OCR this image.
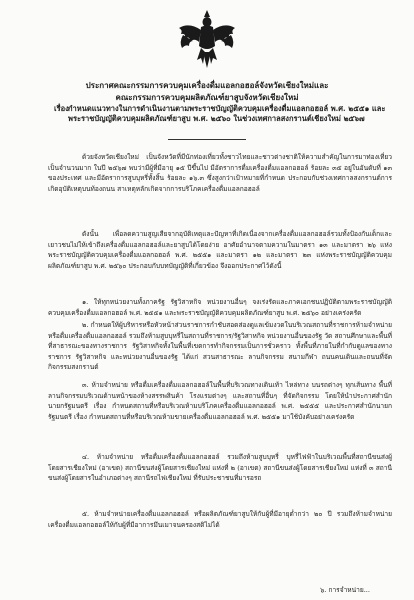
ประกาศคณะกรรมการควบคุมเครื่องดื่มแอลกอฮอล์จังหวัดเชียงใหม่และ
คณะกรรมการควบคุมผลิตภัณฑ์ยาสูบจังหวัดเชียงใหม่
เรื่อง กำหนดแนวทางในการดำเนินงานตามพระราชบัญญัติควบคุมเครื่องดื่มแอลกอฮอล์ พ.ศ. ๒๕๕๑ และพระราชบัญญัติควบคุมผลิตภัณฑ์ยาสูบ พ.ศ. ๒๕๖๐ ในช่วงเทศกาลสงกรานต์เชียงใหม่ ๒๕๖๗
ด้วยจังหวัดเชียงใหม่ เป็นจังหวัดที่มีนักท่องเที่ยวทั้งชาวไทยและชาวต่างชาติให้ความสำคัญในการมาท่องเที่ยวเป็นจำนวนมาก ในปี ๒๕๖๗ พบว่ามีผู้ที่มีอายุ ๑๕ ปีขึ้นไป มีอัตราการดื่มเครื่องดื่มแอลกอฮอล์ ร้อยละ ๓๕ อยู่ในอันดับที่ ๑๓ ของประเทศ และมีอัตราการสูบบุหรี่ทั้งสิ้น ร้อยละ ๑๖.๓ ซึ่งสูงกว่าเป้าหมายที่กำหนด ประกอบกับช่วงเทศกาลสงกรานต์การเกิดอุบัติเหตุบนท้องถนน สาเหตุหลักเกิดจากการบริโภคเครื่องดื่มแอลกอฮอล์
ดังนั้น เพื่อลดความสูญเสียจากอุบัติเหตุและปัญหาที่เกิดเนื่องจากเครื่องดื่มแอลกอฮอล์รวมทั้งป้องกันเด็กและเยาวชนไม่ให้เข้าถึงเครื่องดื่มแอลกอฮอล์และยาสูบได้โดยง่าย อาศัยอำนาจตามความในมาตรา ๑๓ และมาตรา ๒๖ แห่งพระราชบัญญัติควบคุมเครื่องดื่มแอลกอฮอล์ พ.ศ. ๒๕๕๑ และมาตรา ๑๒ และมาตรา ๒๓ แห่งพระราชบัญญัติควบคุมผลิตภัณฑ์ยาสูบ พ.ศ. ๒๕๖๐ ประกอบกับบทบัญญัติที่เกี่ยวข้อง จึงออกประกาศไว้ดังนี้
๑. ให้ทุกหน่วยงานทั้งภาครัฐ รัฐวิสาหกิจ หน่วยงานอื่นๆ จงเร่งรัดและภาคเอกชนปฏิบัติตามพระราชบัญญัติควบคุมเครื่องดื่มแอลกอฮอล์ พ.ศ. ๒๕๕๑ และพระราชบัญญัติควบคุมผลิตภัณฑ์ยาสูบ พ.ศ. ๒๕๖๐ อย่างเคร่งครัด
๒. กำหนดให้ผู้บริหารหรือหัวหน้าส่วนราชการกำชับสอดส่องดูแลเข้มงวดในบริเวณสถานที่ราชการห้ามจำหน่าย หรือดื่มเครื่องดื่มแอลกอฮอล์ รวมถึงห้ามสูบบุหรี่ในสถานที่ราชการ/รัฐวิสาหกิจ หน่วยงานอื่นของรัฐ วัด สถานศึกษาและพื้นที่ที่สาธารณะของทางราชการ รัฐวิสาหกิจทั้งในพื้นที่เขตการทำกิจกรรมเป็นการชั่วคราว ทั้งพื้นที่ภายในที่กำกับดูแลของทางราชการ รัฐวิสาหกิจ และหน่วยงานอื่นของรัฐ ได้แก่ สวนสาธารณะ ลานกิจกรรม สนามกีฬา ถนนคนเดินและถนนที่จัดกิจกรรมสงกรานต์
๓. ห้ามจำหน่าย หรือดื่มเครื่องดื่มแอลกอฮอล์ในพื้นที่บริเวณทางเดินเท้า ไหล่ทาง บนรถต่างๆ ทุกเส้นทาง พื้นที่ลานกิจกรรมบริเวณด้านหน้าของห้างสรรพสินค้า โรงแรมต่างๆ และสถานที่อื่นๆ ที่จัดกิจกรรม โดยให้นำประกาศสำนักนายกรัฐมนตรี เรื่อง กำหนดสถานที่หรือบริเวณห้ามบริโภคเครื่องดื่มแอลกอฮอล์ พ.ศ. ๒๕๕๕ และประกาศสำนักนายกรัฐมนตรี เรื่อง กำหนดสถานที่หรือบริเวณห้ามขายเครื่องดื่มแอลกอฮอล์ พ.ศ. ๒๕๕๑ มาใช้บังคับอย่างเคร่งครัด
๔. ห้ามจำหน่าย หรือดื่มเครื่องดื่มแอลกอฮอล์ รวมถึงห้ามสูบบุหรี่ บุหรี่ไฟฟ้าในบริเวณพื้นที่สถานีขนส่งผู้โดยสารเชียงใหม่ (อาเขต) สถานีขนส่งผู้โดยสารเชียงใหม่ แห่งที่ ๒ (อาเขต) สถานีขนส่งผู้โดยสารเชียงใหม่ แห่งที่ ๓ สถานีขนส่งผู้โดยสารในอำเภอต่างๆ สถานีรถไฟเชียงใหม่ ที่รับประชาชนที่มารอรถ
๕. ห้ามจำหน่ายเครื่องดื่มแอลกอฮอล์ หรือผลิตภัณฑ์ยาสูบให้กับผู้ที่มีอายุต่ำกว่า ๒๐ ปี รวมถึงห้ามจำหน่ายเครื่องดื่มแอลกอฮอล์ให้กับผู้ที่มีอาการมึนเมาจนครองสติไม่ได้
๖. การจำหน่าย...
